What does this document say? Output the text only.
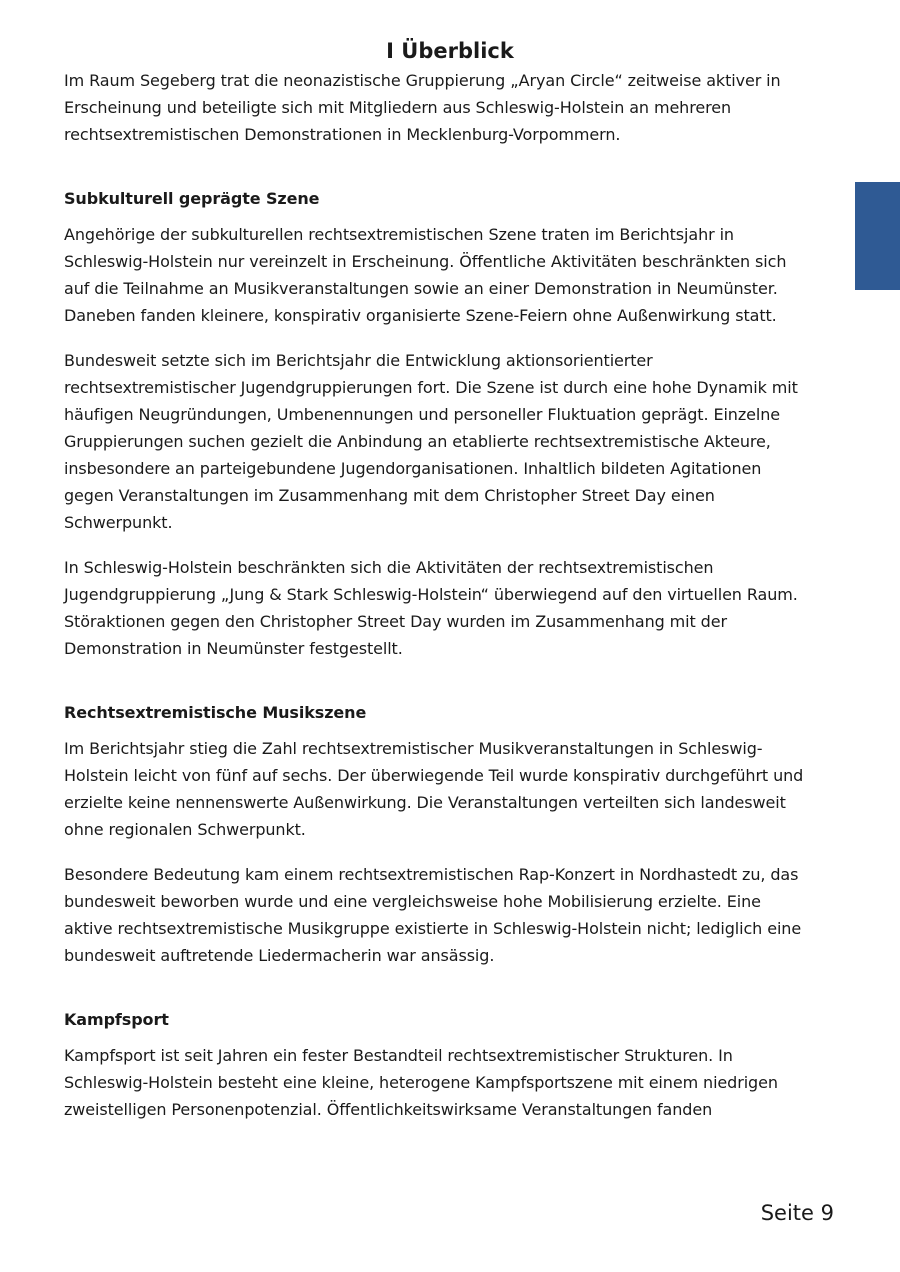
I Überblick

Im Raum Segeberg trat die neonazistische Gruppierung „Aryan Circle“ zeitweise aktiver in Erscheinung und beteiligte sich mit Mitgliedern aus Schleswig-Holstein an mehreren rechtsextremistischen Demonstrationen in Mecklenburg-Vorpommern.

Subkulturell geprägte Szene

Angehörige der subkulturellen rechtsextremistischen Szene traten im Berichtsjahr in Schleswig-Holstein nur vereinzelt in Erscheinung. Öffentliche Aktivitäten beschränkten sich auf die Teilnahme an Musikveranstaltungen sowie an einer Demonstration in Neumünster. Daneben fanden kleinere, konspirativ organisierte Szene-Feiern ohne Außenwirkung statt.

Bundesweit setzte sich im Berichtsjahr die Entwicklung aktionsorientierter rechtsextremistischer Jugendgruppierungen fort. Die Szene ist durch eine hohe Dynamik mit häufigen Neugründungen, Umbenennungen und personeller Fluktuation geprägt. Einzelne Gruppierungen suchen gezielt die Anbindung an etablierte rechtsextremistische Akteure, insbesondere an parteigebundene Jugendorganisationen. Inhaltlich bildeten Agitationen gegen Veranstaltungen im Zusammenhang mit dem Christopher Street Day einen Schwerpunkt.

In Schleswig-Holstein beschränkten sich die Aktivitäten der rechtsextremistischen Jugendgruppierung „Jung & Stark Schleswig-Holstein“ überwiegend auf den virtuellen Raum. Störaktionen gegen den Christopher Street Day wurden im Zusammenhang mit der Demonstration in Neumünster festgestellt.

Rechtsextremistische Musikszene

Im Berichtsjahr stieg die Zahl rechtsextremistischer Musikveranstaltungen in Schleswig-Holstein leicht von fünf auf sechs. Der überwiegende Teil wurde konspirativ durchgeführt und erzielte keine nennenswerte Außenwirkung. Die Veranstaltungen verteilten sich landesweit ohne regionalen Schwerpunkt.

Besondere Bedeutung kam einem rechtsextremistischen Rap-Konzert in Nordhastedt zu, das bundesweit beworben wurde und eine vergleichsweise hohe Mobilisierung erzielte. Eine aktive rechtsextremistische Musikgruppe existierte in Schleswig-Holstein nicht; lediglich eine bundesweit auftretende Liedermacherin war ansässig.

Kampfsport

Kampfsport ist seit Jahren ein fester Bestandteil rechtsextremistischer Strukturen. In Schleswig-Holstein besteht eine kleine, heterogene Kampfsportszene mit einem niedrigen zweistelligen Personenpotenzial. Öffentlichkeitswirksame Veranstaltungen fanden

Seite 9
